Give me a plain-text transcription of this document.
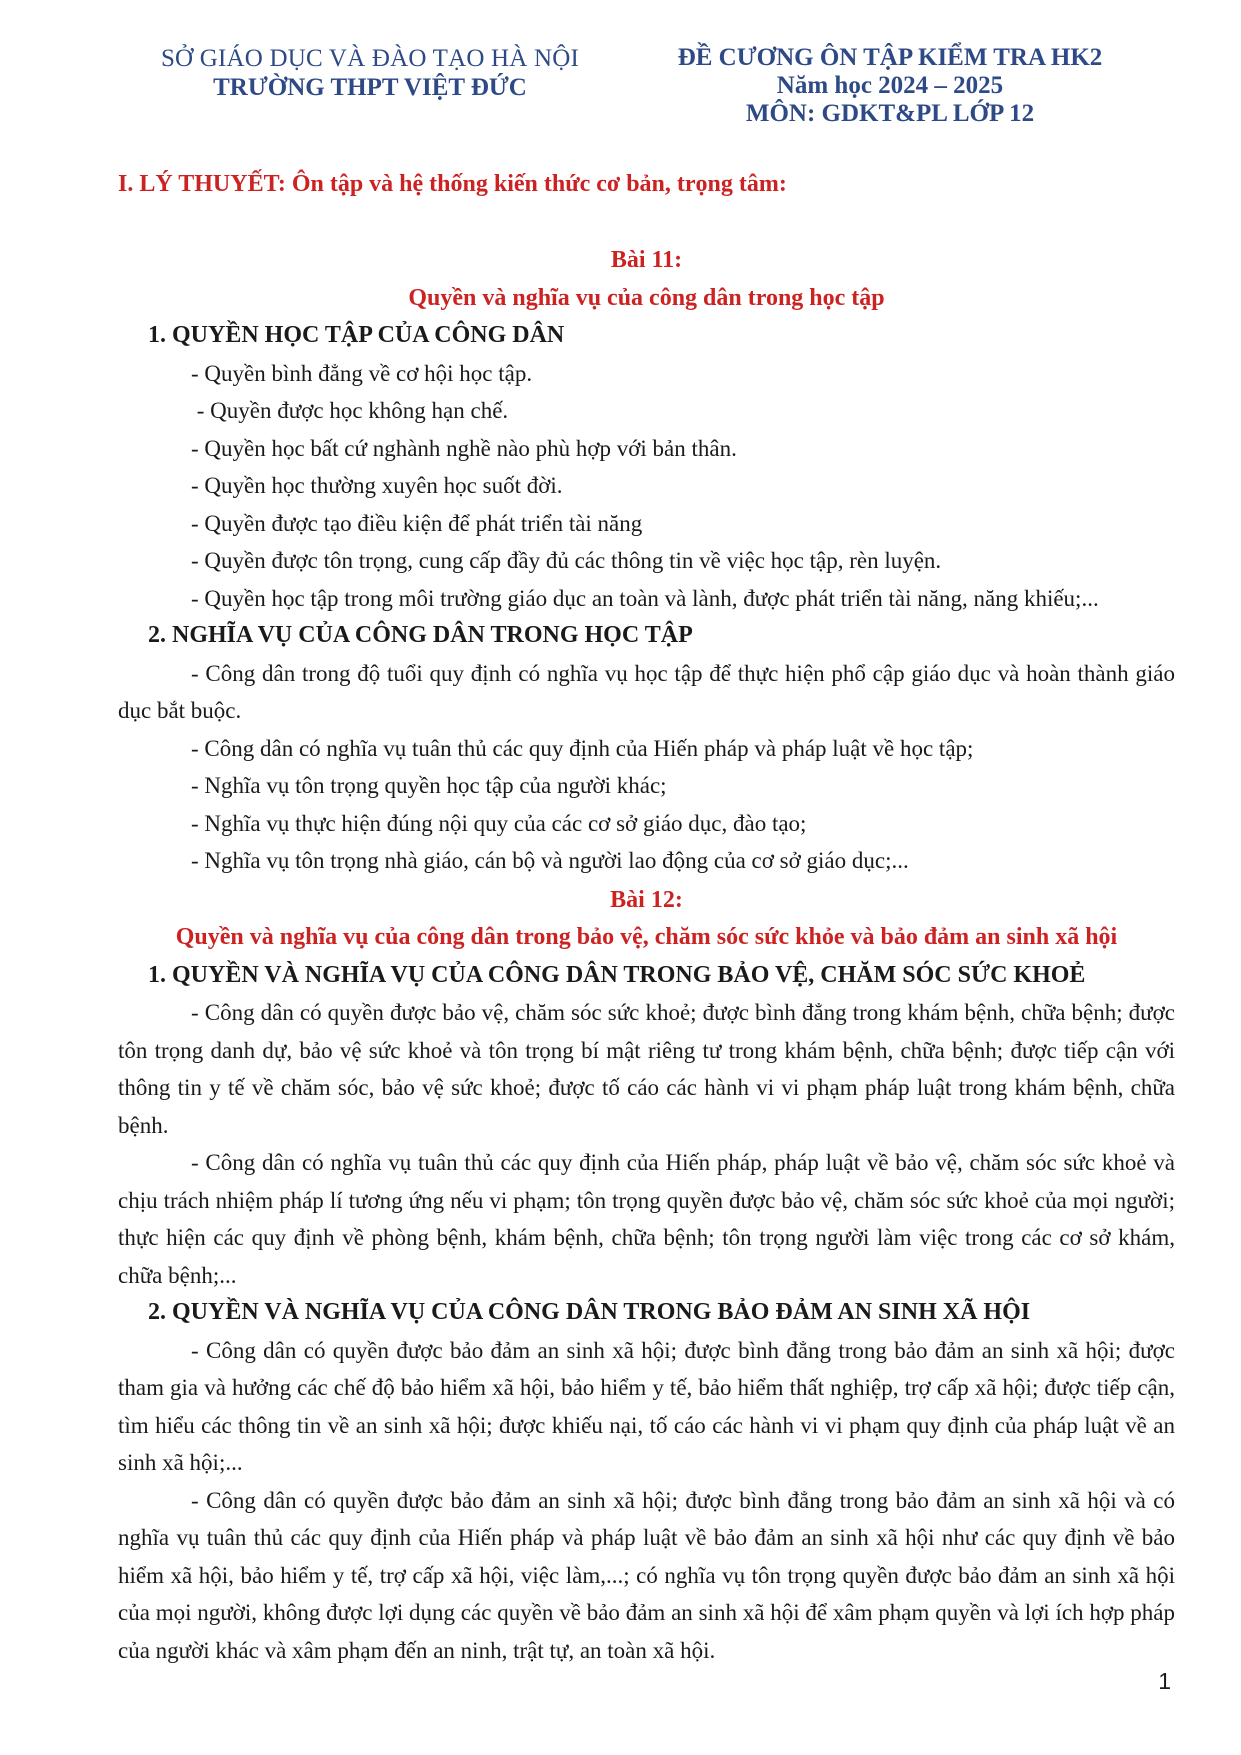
SỞ GIÁO DỤC VÀ ĐÀO TẠO HÀ NỘI
TRƯỜNG THPT VIỆT ĐỨC
ĐỀ CƯƠNG ÔN TẬP KIỂM TRA HK2
Năm học 2024 – 2025
MÔN: GDKT&PL LỚP 12
I. LÝ THUYẾT: Ôn tập và hệ thống kiến thức cơ bản, trọng tâm:
Bài 11:
Quyền và nghĩa vụ của công dân trong học tập
1. QUYỀN HỌC TẬP CỦA CÔNG DÂN
- Quyền bình đẳng về cơ hội học tập.
- Quyền được học không hạn chế.
- Quyền học bất cứ nghành nghề nào phù hợp với bản thân.
- Quyền học thường xuyên học suốt đời.
- Quyền được tạo điều kiện để phát triển tài năng
- Quyền được tôn trọng, cung cấp đầy đủ các thông tin về việc học tập, rèn luyện.
- Quyền học tập trong môi trường giáo dục an toàn và lành, được phát triển tài năng, năng khiếu;...
2. NGHĨA VỤ CỦA CÔNG DÂN TRONG HỌC TẬP
- Công dân trong độ tuổi quy định có nghĩa vụ học tập để thực hiện phổ cập giáo dục và hoàn thành giáo dục bắt buộc.
- Công dân có nghĩa vụ tuân thủ các quy định của Hiến pháp và pháp luật về học tập;
- Nghĩa vụ tôn trọng quyền học tập của người khác;
- Nghĩa vụ thực hiện đúng nội quy của các cơ sở giáo dục, đào tạo;
- Nghĩa vụ tôn trọng nhà giáo, cán bộ và người lao động của cơ sở giáo dục;...
Bài 12:
Quyền và nghĩa vụ của công dân trong bảo vệ, chăm sóc sức khỏe và bảo đảm an sinh xã hội
1. QUYỀN VÀ NGHĨA VỤ CỦA CÔNG DÂN TRONG BẢO VỆ, CHĂM SÓC SỨC KHOẺ
- Công dân có quyền được bảo vệ, chăm sóc sức khoẻ; được bình đẳng trong khám bệnh, chữa bệnh; được tôn trọng danh dự, bảo vệ sức khoẻ và tôn trọng bí mật riêng tư trong khám bệnh, chữa bệnh; được tiếp cận với thông tin y tế về chăm sóc, bảo vệ sức khoẻ; được tố cáo các hành vi vi phạm pháp luật trong khám bệnh, chữa bệnh.
- Công dân có nghĩa vụ tuân thủ các quy định của Hiến pháp, pháp luật về bảo vệ, chăm sóc sức khoẻ và chịu trách nhiệm pháp lí tương ứng nếu vi phạm; tôn trọng quyền được bảo vệ, chăm sóc sức khoẻ của mọi người; thực hiện các quy định về phòng bệnh, khám bệnh, chữa bệnh; tôn trọng người làm việc trong các cơ sở khám, chữa bệnh;...
2. QUYỀN VÀ NGHĨA VỤ CỦA CÔNG DÂN TRONG BẢO ĐẢM AN SINH XÃ HỘI
- Công dân có quyền được bảo đảm an sinh xã hội; được bình đẳng trong bảo đảm an sinh xã hội; được tham gia và hưởng các chế độ bảo hiểm xã hội, bảo hiểm y tế, bảo hiểm thất nghiệp, trợ cấp xã hội; được tiếp cận, tìm hiểu các thông tin về an sinh xã hội; được khiếu nại, tố cáo các hành vi vi phạm quy định của pháp luật về an sinh xã hội;...
- Công dân có quyền được bảo đảm an sinh xã hội; được bình đẳng trong bảo đảm an sinh xã hội và có nghĩa vụ tuân thủ các quy định của Hiến pháp và pháp luật về bảo đảm an sinh xã hội như các quy định về bảo hiểm xã hội, bảo hiểm y tế, trợ cấp xã hội, việc làm,...; có nghĩa vụ tôn trọng quyền được bảo đảm an sinh xã hội của mọi người, không được lợi dụng các quyền về bảo đảm an sinh xã hội để xâm phạm quyền và lợi ích hợp pháp của người khác và xâm phạm đến an ninh, trật tự, an toàn xã hội.
1
